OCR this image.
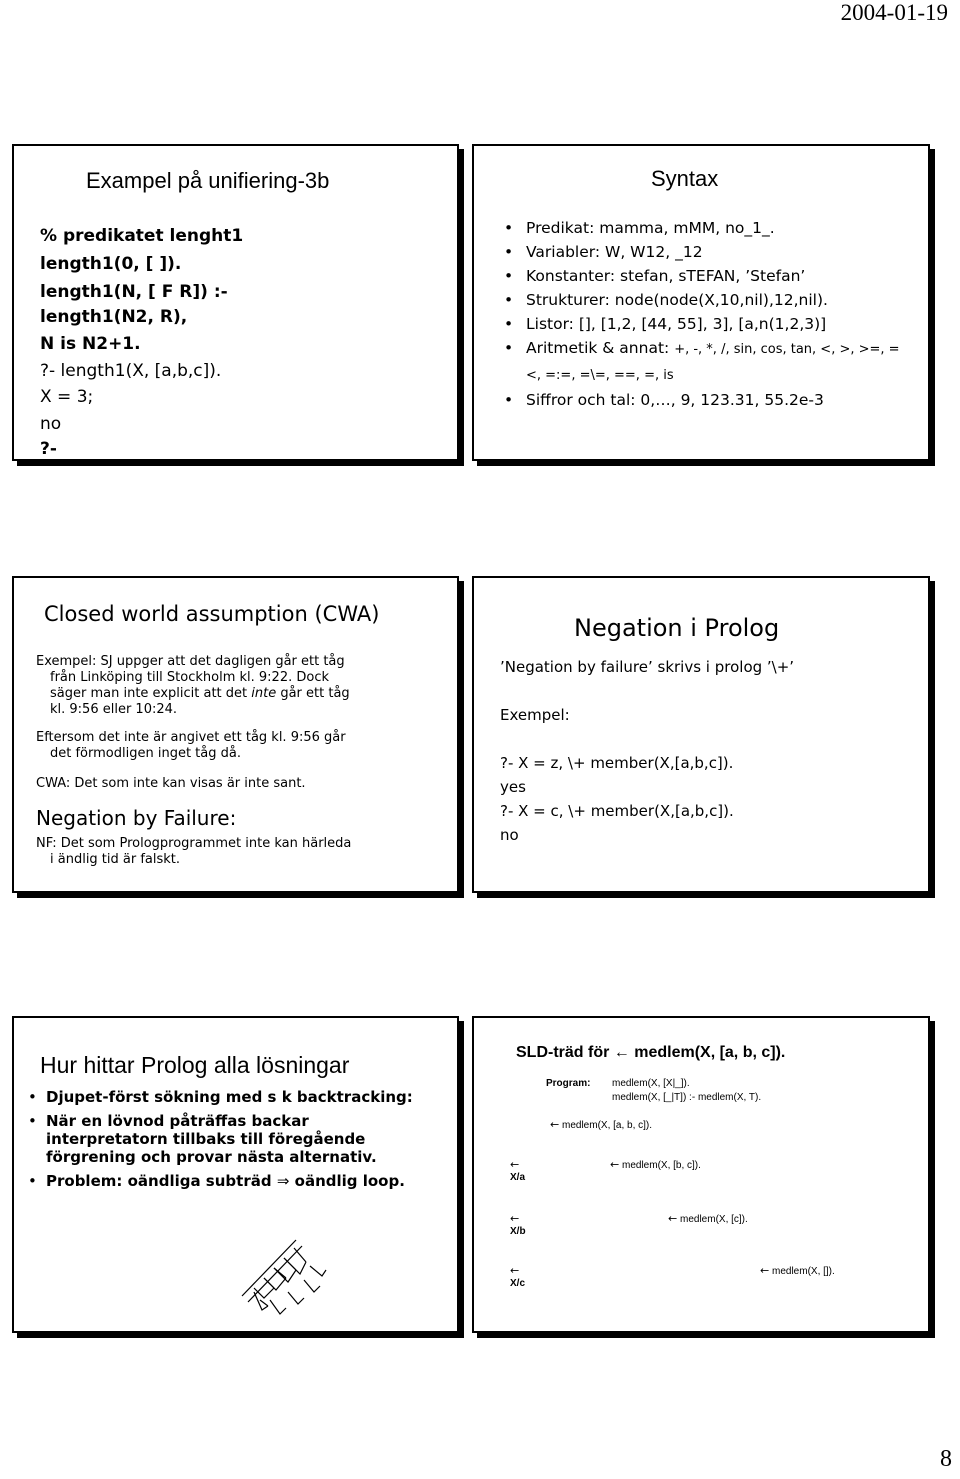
2004-01-19
Exampel på unifiering-3b
% predikatet lenght1
length1(0, [ ]).
length1(N, [ F R]) :-
length1(N2, R),
N is N2+1.
?- length1(X, [a,b,c]).
X = 3;
no
?-
Syntax
• Predikat: mamma, mMM, no_1_.
• Variabler: W, W12, _12
• Konstanter: stefan, sTEFAN, ’Stefan’
• Strukturer: node(node(X,10,nil),12,nil).
• Listor: [], [1,2, [44, 55], 3], [a,n(1,2,3)]
• Aritmetik & annat: +, -, *, /, sin, cos, tan, <, >, >=, =<, =:=, =\=, ==, =, is
• Siffror och tal: 0,…, 9, 123.31, 55.2e-3
Closed world assumption (CWA)
Exempel: SJ uppger att det dagligen går ett tåg
från Linköping till Stockholm kl. 9:22. Dock
säger man inte explicit att det inte går ett tåg
kl. 9:56 eller 10:24.
Eftersom det inte är angivet ett tåg kl. 9:56 går
det förmodligen inget tåg då.
CWA: Det som inte kan visas är inte sant.
Negation by Failure:
NF: Det som Prologprogrammet inte kan härleda
i ändlig tid är falskt.
Negation i Prolog
’Negation by failure’ skrivs i prolog ’\+’
Exempel:
?- X = z, \+ member(X,[a,b,c]).
yes
?- X = c, \+ member(X,[a,b,c]).
no
Hur hittar Prolog alla lösningar
• Djupet-först sökning med s k backtracking:
• När en lövnod påträffas backar interpretatorn tillbaks till föregående förgrening och provar nästa alternativ.
• Problem: oändliga subträd ⇒ oändlig loop.
SLD-träd för ← medlem(X, [a, b, c]).
Program: medlem(X, [X|_]).
medlem(X, [_|T]) :- medlem(X, T).
← medlem(X, [a, b, c]).
← medlem(X, [b, c]).
← medlem(X, [c]).
← medlem(X, []).
←
X/a
←
X/b
←
X/c
8
